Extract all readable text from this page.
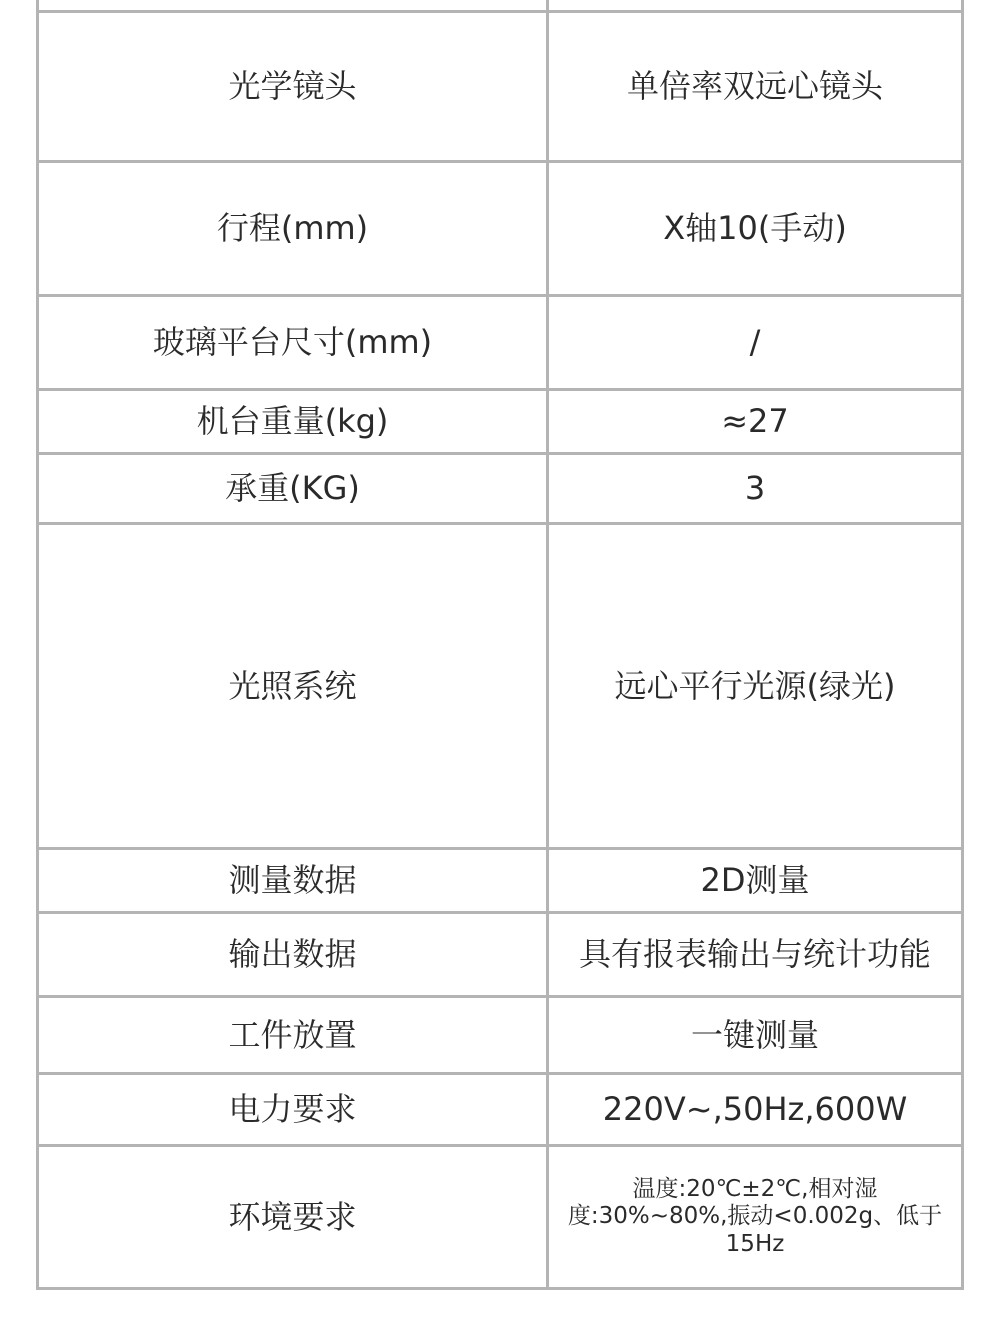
光学镜头	单倍率双远心镜头
行程(mm)	X轴10(手动)
玻璃平台尺寸(mm)	/
机台重量(kg)	≈27
承重(KG)	3
光照系统	远心平行光源(绿光)
测量数据	2D测量
输出数据	具有报表输出与统计功能
工件放置	一键测量
电力要求	220V~,50Hz,600W
环境要求	温度:20℃±2℃,相对湿度:30%~80%,振动<0.002g、低于15Hz
